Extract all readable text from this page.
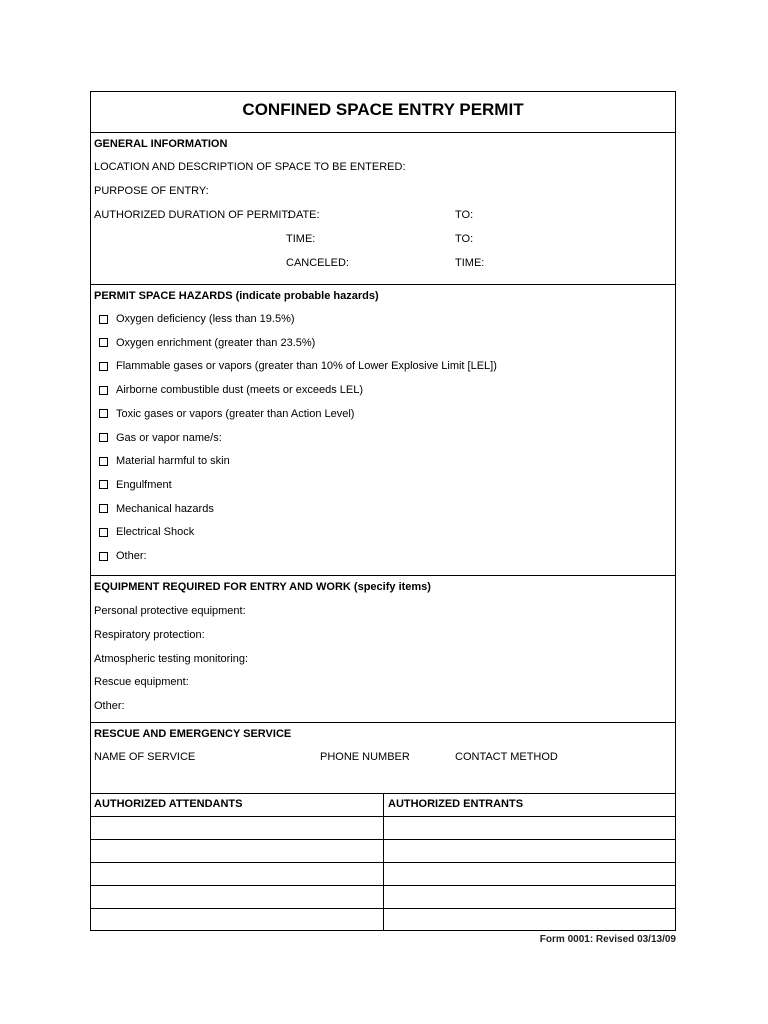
CONFINED SPACE ENTRY PERMIT
GENERAL INFORMATION
LOCATION AND DESCRIPTION OF SPACE TO BE ENTERED:
PURPOSE OF ENTRY:
AUTHORIZED DURATION OF PERMIT:
DATE:	TO:
TIME:	TO:
CANCELED:	TIME:
PERMIT SPACE HAZARDS (indicate probable hazards)
Oxygen deficiency (less than 19.5%)
Oxygen enrichment (greater than 23.5%)
Flammable gases or vapors (greater than 10% of Lower Explosive Limit [LEL])
Airborne combustible dust (meets or exceeds LEL)
Toxic gases or vapors (greater than Action Level)
Gas or vapor name/s:
Material harmful to skin
Engulfment
Mechanical hazards
Electrical Shock
Other:
EQUIPMENT REQUIRED FOR ENTRY AND WORK (specify items)
Personal protective equipment:
Respiratory protection:
Atmospheric testing monitoring:
Rescue equipment:
Other:
RESCUE AND EMERGENCY SERVICE
NAME OF SERVICE	PHONE NUMBER	CONTACT METHOD
AUTHORIZED ATTENDANTS	AUTHORIZED ENTRANTS
Form 0001: Revised 03/13/09
